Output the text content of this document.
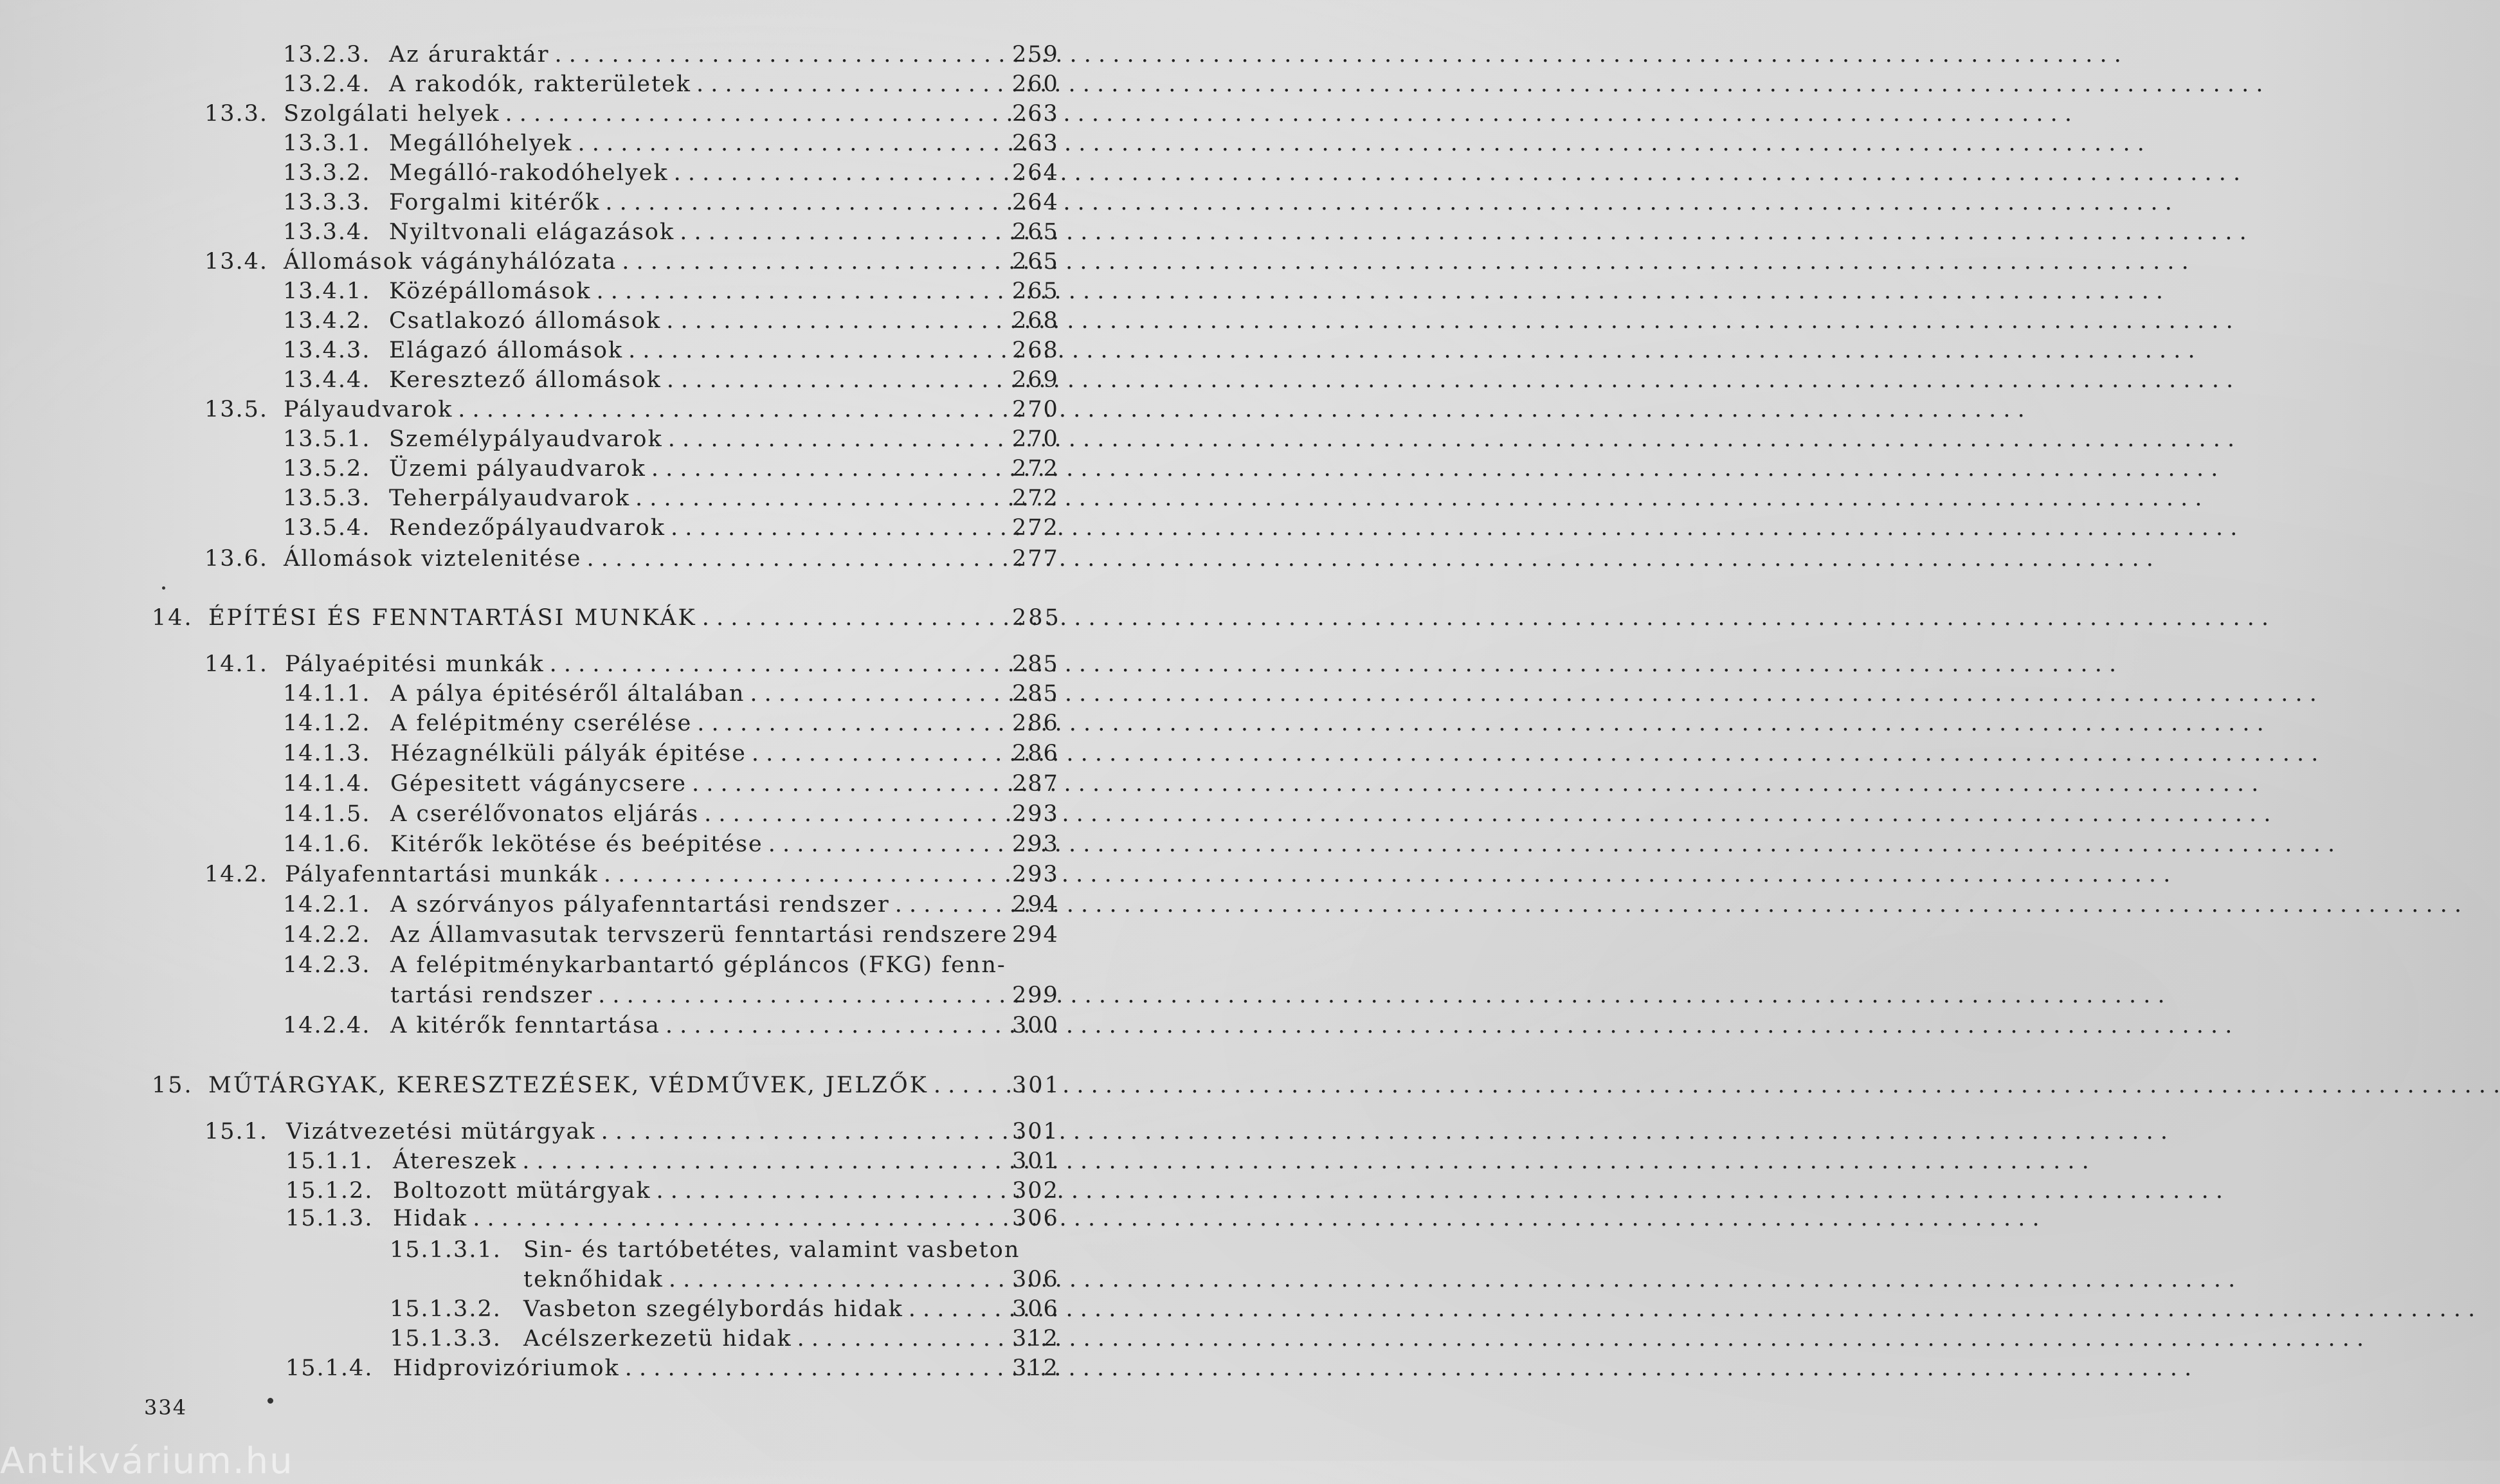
13.2.3. Az áruraktár . . .	259
13.2.4. A rakodók, rakterületek . . .	260
13.3. Szolgálati helyek . . .	263
13.3.1. Megállóhelyek . . .	263
13.3.2. Megálló-rakodóhelyek . . .	264
13.3.3. Forgalmi kitérők . . .	264
13.3.4. Nyiltvonali elágazások . . .	265
13.4. Állomások vágányhálózata . . .	265
13.4.1. Középállomások . . .	265
13.4.2. Csatlakozó állomások . . .	268
13.4.3. Elágazó állomások . . .	268
13.4.4. Keresztező állomások . . .	269
13.5. Pályaudvarok . . .	270
13.5.1. Személypályaudvarok . . .	270
13.5.2. Üzemi pályaudvarok . . .	272
13.5.3. Teherpályaudvarok . . .	272
13.5.4. Rendezőpályaudvarok . . .	272
13.6. Állomások viztelenitése . . .	277
14. ÉPÍTÉSI ÉS FENNTARTÁSI MUNKÁK . . .	285
14.1. Pályaépitési munkák . . .	285
14.1.1. A pálya épitéséről általában . . .	285
14.1.2. A felépitmény cserélése . . .	286
14.1.3. Hézagnélküli pályák épitése . . .	286
14.1.4. Gépesitett vágánycsere . . .	287
14.1.5. A cserélővonatos eljárás . . .	293
14.1.6. Kitérők lekötése és beépitése . . .	293
14.2. Pályafenntartási munkák . . .	293
14.2.1. A szórványos pályafenntartási rendszer . . .	294
14.2.2. Az Államvasutak tervszerü fenntartási rendszere 294
14.2.3. A felépitménykarbantartó gépláncos (FKG) fenn-
tartási rendszer . . .	299
14.2.4. A kitérők fenntartása . . .	300
15. MŰTÁRGYAK, KERESZTEZÉSEK, VÉDMŰVEK, JELZŐK . . .	301
15.1. Vizátvezetési mütárgyak . . .	301
15.1.1. Átereszek . . .	301
15.1.2. Boltozott mütárgyak . . .	302
15.1.3. Hidak . . .	306
15.1.3.1. Sin- és tartóbetétes, valamint vasbeton
teknőhidak . . .	306
15.1.3.2. Vasbeton szegélybordás hidak . . .	306
15.1.3.3. Acélszerkezetü hidak . . .	312
15.1.4. Hidprovizóriumok . . .	312
334
Antikvárium.hu
